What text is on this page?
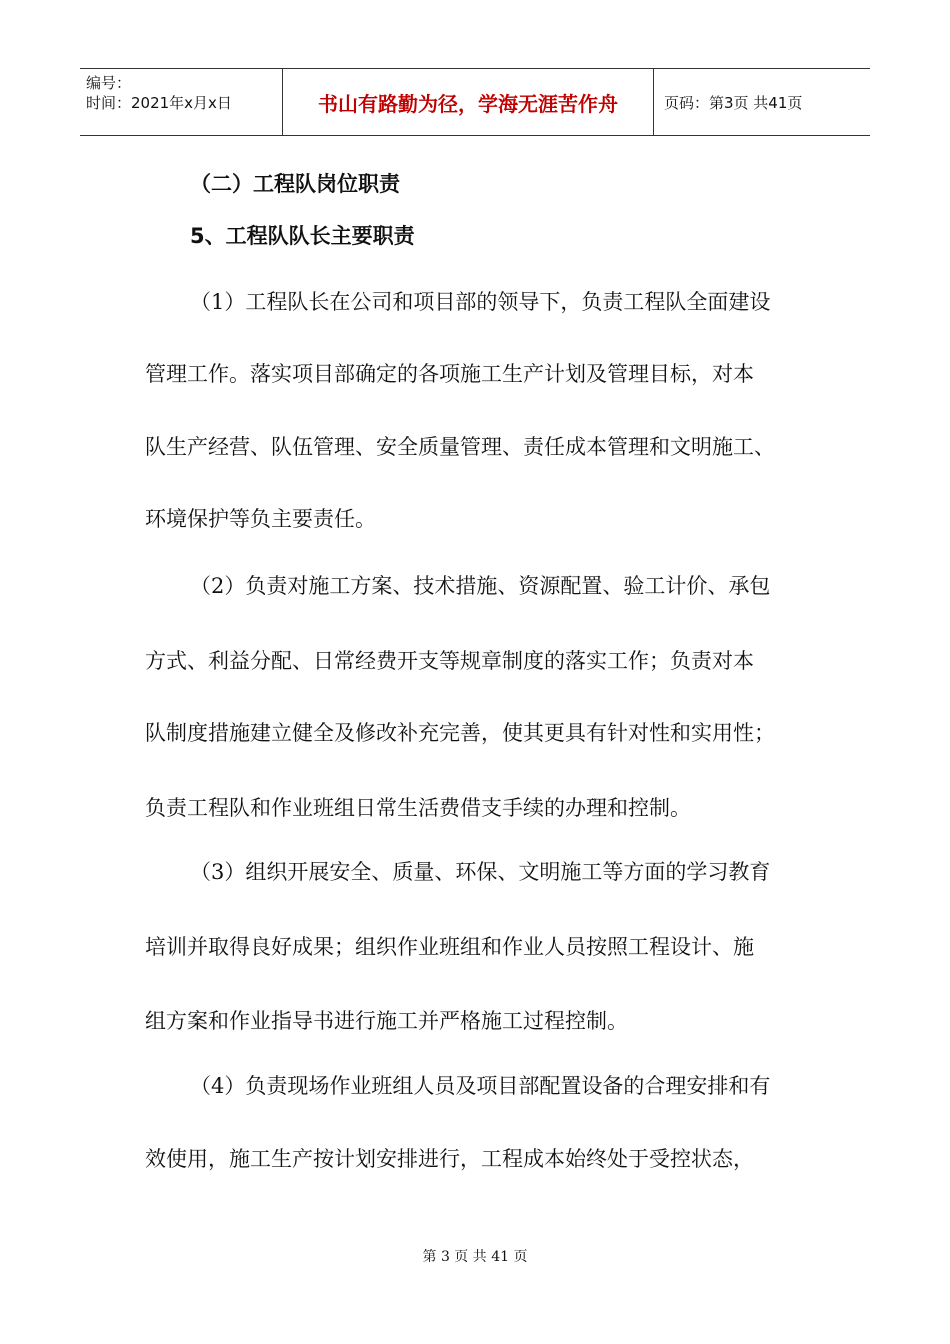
编号：
时间：2021年x月x日	书山有路勤为径，学海无涯苦作舟	页码：第3页 共41页
（二）工程队岗位职责
5、工程队队长主要职责

（1）工程队长在公司和项目部的领导下，负责工程队全面建设

管理工作。落实项目部确定的各项施工生产计划及管理目标，对本

队生产经营、队伍管理、安全质量管理、责任成本管理和文明施工、

环境保护等负主要责任。

（2）负责对施工方案、技术措施、资源配置、验工计价、承包

方式、利益分配、日常经费开支等规章制度的落实工作；负责对本

队制度措施建立健全及修改补充完善，使其更具有针对性和实用性；

负责工程队和作业班组日常生活费借支手续的办理和控制。

（3）组织开展安全、质量、环保、文明施工等方面的学习教育

培训并取得良好成果；组织作业班组和作业人员按照工程设计、施

组方案和作业指导书进行施工并严格施工过程控制。

（4）负责现场作业班组人员及项目部配置设备的合理安排和有

效使用，施工生产按计划安排进行，工程成本始终处于受控状态，

第 3 页 共 41 页
